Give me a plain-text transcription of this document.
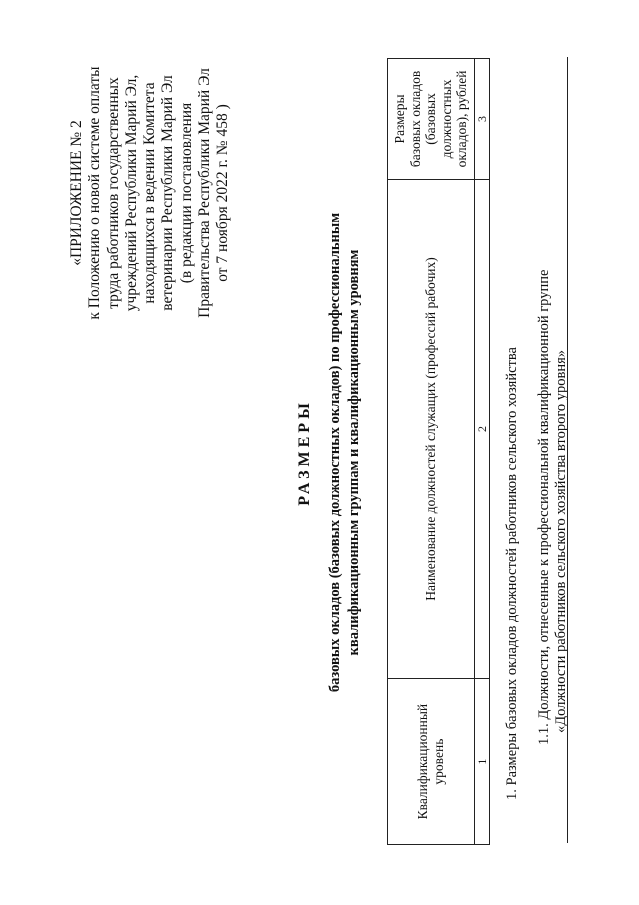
«ПРИЛОЖЕНИЕ № 2 к Положению о новой системе оплаты труда работников государственных учреждений Республики Марий Эл, находящихся в ведении Комитета ветеринарии Республики Марий Эл (в редакции постановления Правительства Республики Марий Эл от 7 ноября 2022 г. № 458 )
РАЗМЕРЫ базовых окладов (базовых должностных окладов) по профессиональным квалификационным группам и квалификационным уровням
Квалификационный уровень	Наименование должностей служащих (профессий рабочих)	Размеры базовых окладов (базовых должностных окладов), рублей

1	2	3
1. Размеры базовых окладов должностей работников сельского хозяйства 1.1. Должности, отнесенные к профессиональной квалификационной группе «Должности работников сельского хозяйства второго уровня»
